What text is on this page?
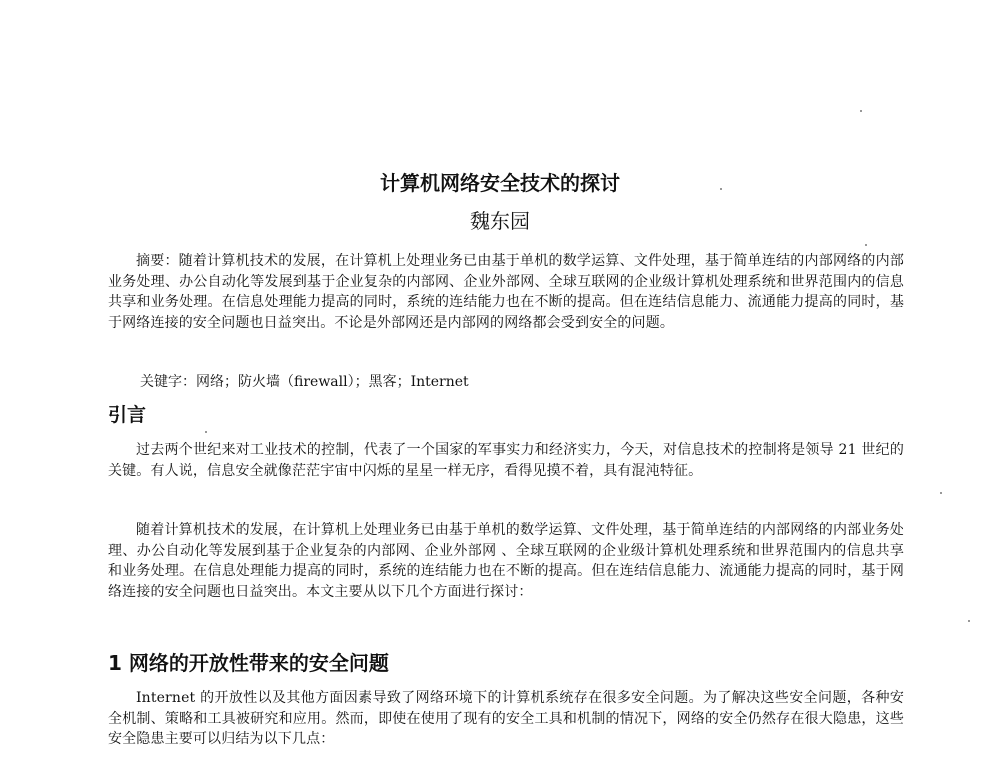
计算机网络安全技术的探讨
魏东园
摘要：随着计算机技术的发展，在计算机上处理业务已由基于单机的数学运算、文件处理，基于简单连结的内部网络的内部业务处理、办公自动化等发展到基于企业复杂的内部网、企业外部网、全球互联网的企业级计算机处理系统和世界范围内的信息共享和业务处理。在信息处理能力提高的同时，系统的连结能力也在不断的提高。但在连结信息能力、流通能力提高的同时，基于网络连接的安全问题也日益突出。不论是外部网还是内部网的网络都会受到安全的问题。
关键字：网络；防火墙（firewall）；黑客；Internet
引言
过去两个世纪来对工业技术的控制，代表了一个国家的军事实力和经济实力，今天，对信息技术的控制将是领导 21 世纪的关键。有人说，信息安全就像茫茫宇宙中闪烁的星星一样无序，看得见摸不着，具有混沌特征。
随着计算机技术的发展，在计算机上处理业务已由基于单机的数学运算、文件处理，基于简单连结的内部网络的内部业务处理、办公自动化等发展到基于企业复杂的内部网、企业外部网 、全球互联网的企业级计算机处理系统和世界范围内的信息共享和业务处理。在信息处理能力提高的同时，系统的连结能力也在不断的提高。但在连结信息能力、流通能力提高的同时，基于网络连接的安全问题也日益突出。本文主要从以下几个方面进行探讨：
1 网络的开放性带来的安全问题
Internet 的开放性以及其他方面因素导致了网络环境下的计算机系统存在很多安全问题。为了解决这些安全问题，各种安全机制、策略和工具被研究和应用。然而，即使在使用了现有的安全工具和机制的情况下，网络的安全仍然存在很大隐患，这些安全隐患主要可以归结为以下几点：
